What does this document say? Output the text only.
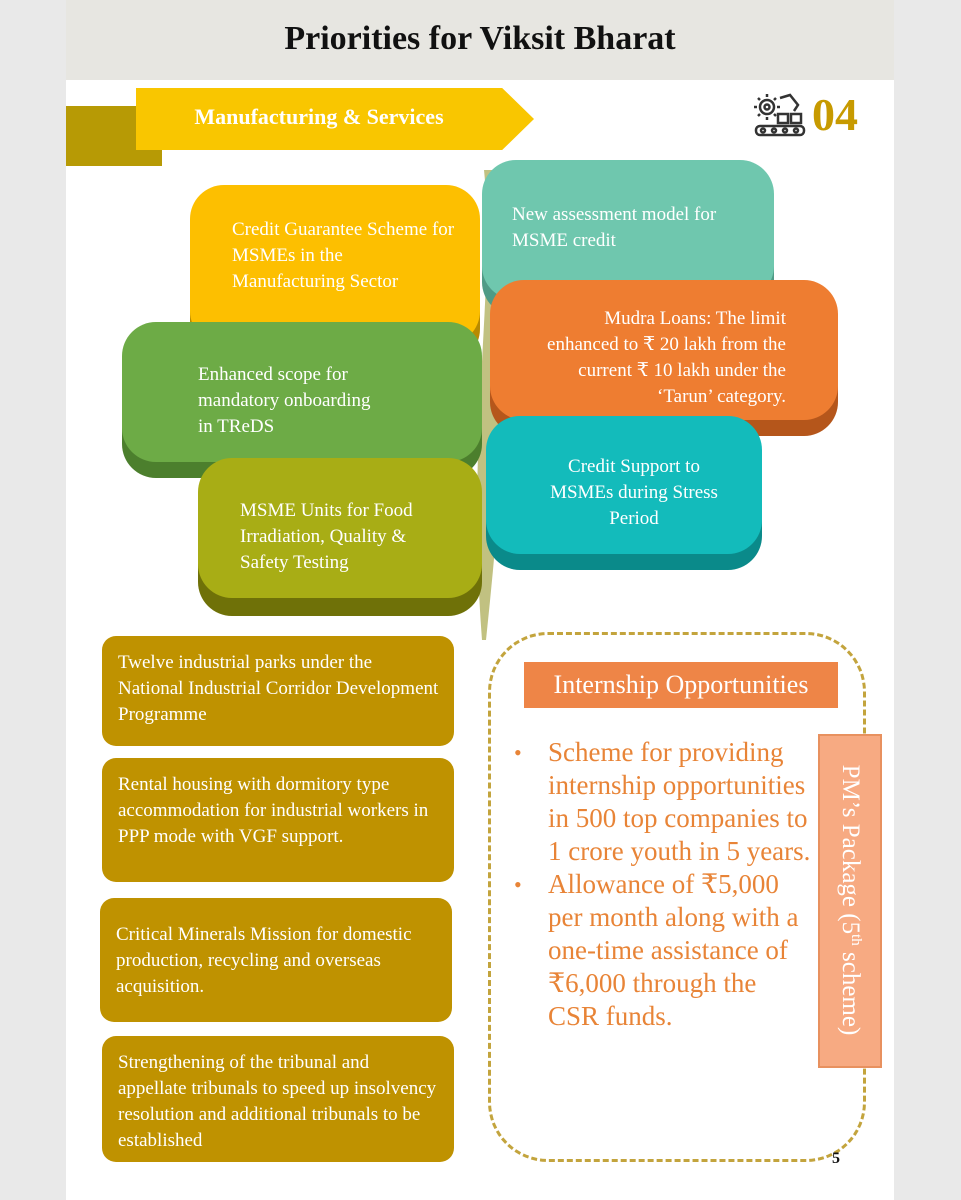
Priorities for Viksit Bharat
Manufacturing & Services	04
Credit Guarantee Scheme for MSMEs in the Manufacturing Sector
New assessment model for MSME credit
Mudra Loans: The limit enhanced to ₹ 20 lakh from the current ₹ 10 lakh under the ‘Tarun’ category.
Enhanced scope for mandatory onboarding in TReDS
Credit Support to MSMEs during Stress Period
MSME Units for Food Irradiation, Quality & Safety Testing
Twelve industrial parks under the National Industrial Corridor Development Programme
Rental housing with dormitory type accommodation for industrial workers in PPP mode with VGF support.
Critical Minerals Mission for domestic production, recycling and overseas acquisition.
Strengthening of the tribunal and appellate tribunals to speed up insolvency resolution and additional tribunals to be established
Internship Opportunities
• Scheme for providing internship opportunities in 500 top companies to 1 crore youth in 5 years.
• Allowance of ₹5,000 per month along with a one-time assistance of ₹6,000 through the CSR funds.
PM’s Package (5th scheme)
5
